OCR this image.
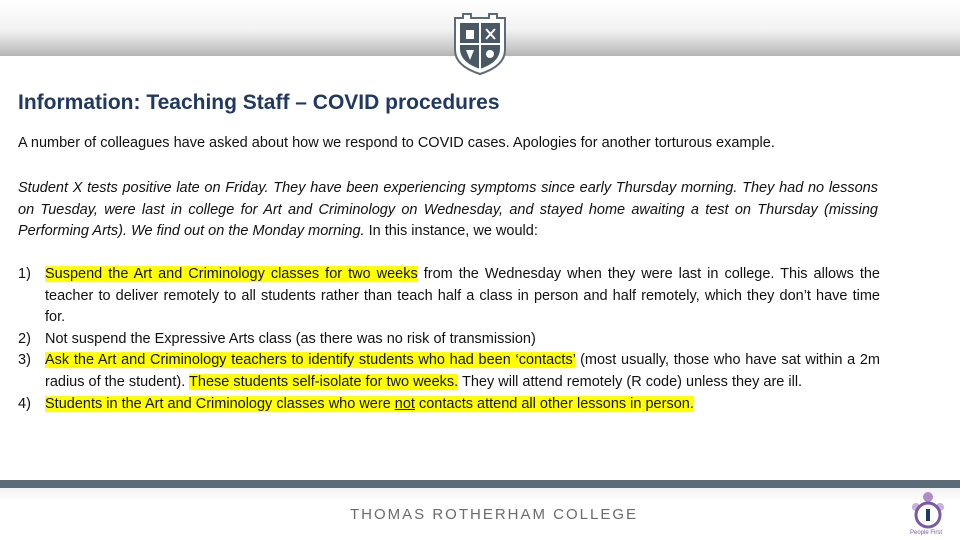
Information: Teaching Staff – COVID procedures
A number of colleagues have asked about how we respond to COVID cases. Apologies for another torturous example.

Student X tests positive late on Friday. They have been experiencing symptoms since early Thursday morning. They had no lessons on Tuesday, were last in college for Art and Criminology on Wednesday, and stayed home awaiting a test on Thursday (missing Performing Arts). We find out on the Monday morning. In this instance, we would:

1) Suspend the Art and Criminology classes for two weeks from the Wednesday when they were last in college. This allows the teacher to deliver remotely to all students rather than teach half a class in person and half remotely, which they don’t have time for.
2) Not suspend the Expressive Arts class (as there was no risk of transmission)
3) Ask the Art and Criminology teachers to identify students who had been ‘contacts’ (most usually, those who have sat within a 2m radius of the student). These students self-isolate for two weeks. They will attend remotely (R code) unless they are ill.
4) Students in the Art and Criminology classes who were not contacts attend all other lessons in person.
THOMAS ROTHERHAM COLLEGE
People First
